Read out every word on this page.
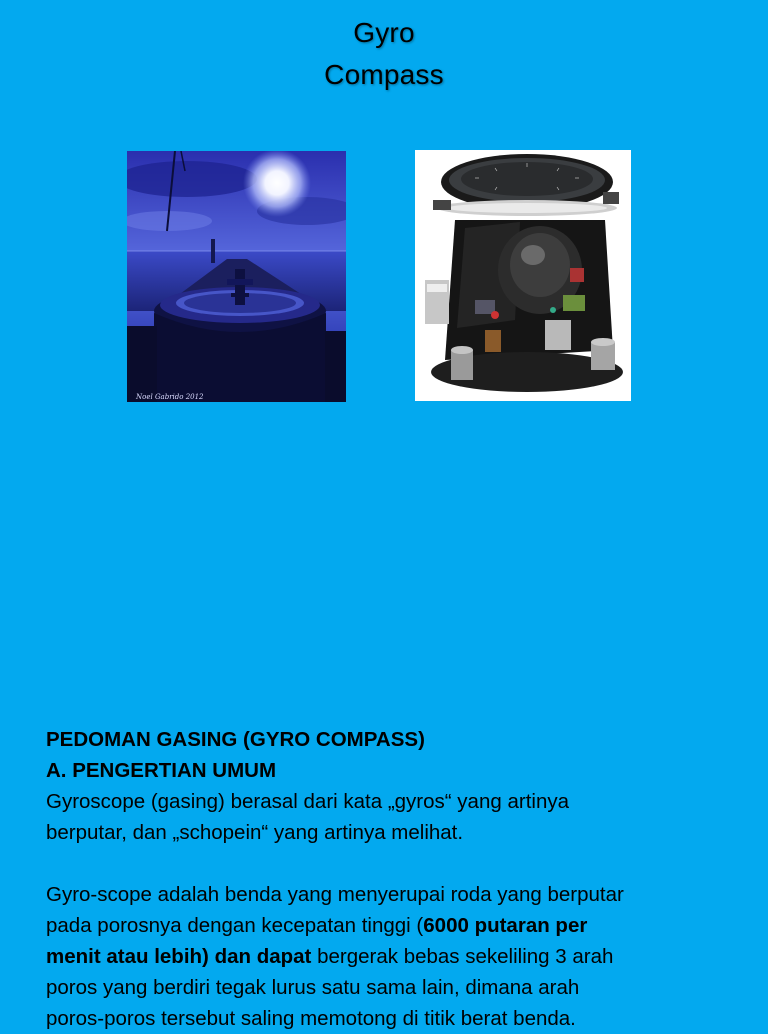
Gyro
Compass
Noel Gabrido 2012

PEDOMAN GASING (GYRO COMPASS)

A. PENGERTIAN UMUM

Gyroscope (gasing) berasal dari kata „gyros“ yang artinya

berputar, dan „schopein“ yang artinya melihat.

Gyro-scope adalah benda yang menyerupai roda yang berputar

pada porosnya dengan kecepatan tinggi (6000 putaran per

menit atau lebih) dan dapat bergerak bebas sekeliling 3 arah

poros yang berdiri tegak lurus satu sama lain, dimana arah

poros-poros tersebut saling memotong di titik berat benda.
